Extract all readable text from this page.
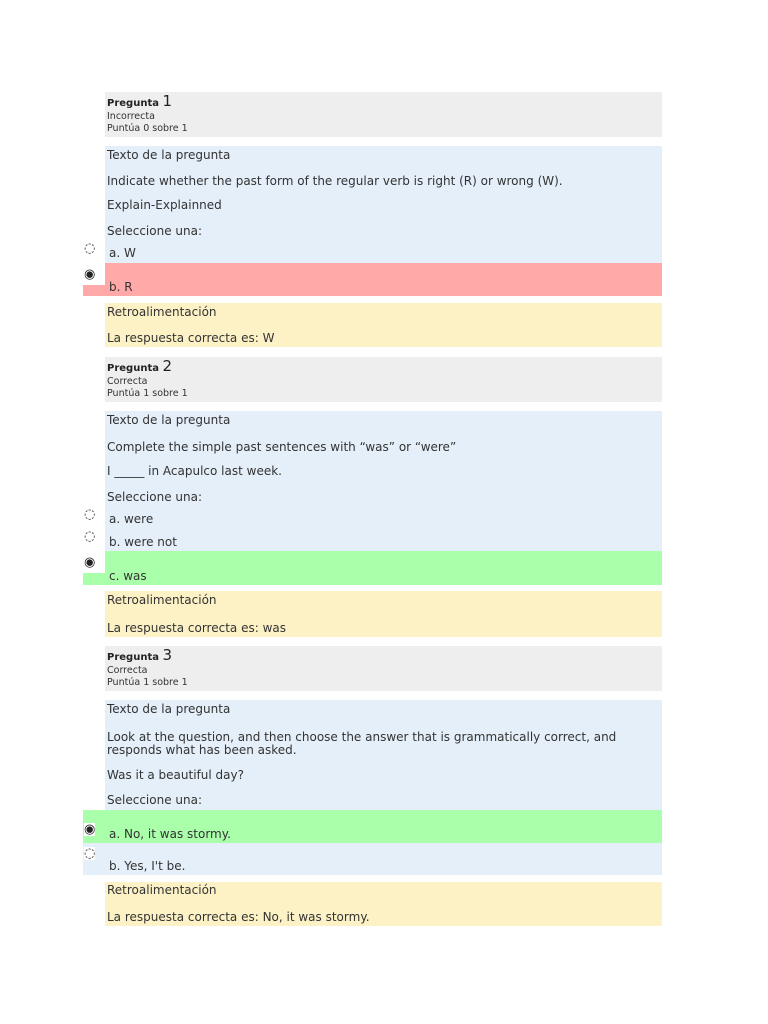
Pregunta 1
Incorrecta
Puntúa 0 sobre 1
Texto de la pregunta
Indicate whether the past form of the regular verb is right (R) or wrong (W).
Explain-Explainned
Seleccione una:
◌ a. W
◉
b. R
Retroalimentación
La respuesta correcta es: W
Pregunta 2
Correcta
Puntúa 1 sobre 1
Texto de la pregunta
Complete the simple past sentences with “was” or “were”
I _____ in Acapulco last week.
Seleccione una:
◌ a. were
◌ b. were not
◉
c. was
Retroalimentación
La respuesta correcta es: was
Pregunta 3
Correcta
Puntúa 1 sobre 1
Texto de la pregunta
Look at the question, and then choose the answer that is grammatically correct, and responds what has been asked.
Was it a beautiful day?
Seleccione una:
◉ a. No, it was stormy.
◌
b. Yes, I't be.
Retroalimentación
La respuesta correcta es: No, it was stormy.
